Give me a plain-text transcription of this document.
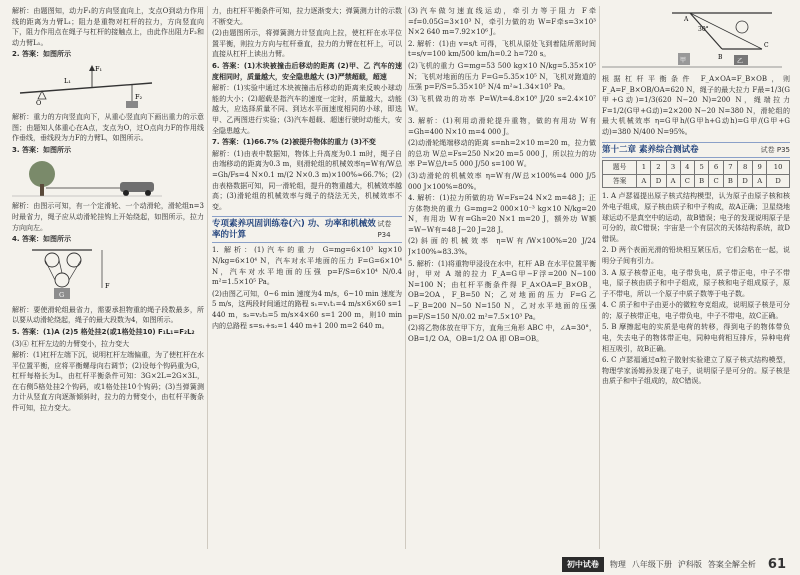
解析：由题图知，动力F₁的方向竖直向上，支点O到动力作用线的距离为力臂L₁；阻力是重物对杠杆的拉力，方向竖直向下，阻力作用点在绳子与杠杆的接触点上，由此作出阻力F₂和动力臂L₁。

2. 答案：如图所示

O
F₁
L₁
F₂

解析：重力的方向竖直向下，从重心竖直向下画出重力的示意图；由题知人体重心在A点，支点为O，过O点向力F的作用线作垂线，垂线段为力F的力臂L，如图所示。

3. 答案：如图所示

解析：由图示可知，有一个定滑轮、一个动滑轮，滑轮组n=3时最省力，绳子应从动滑轮挂钩上开始绕起，如图所示，拉力方向向左。

4. 答案：如图所示

G
F

解析：要使滑轮组最省力，需要承担物重的绳子段数最多，所以要从动滑轮绕起，绳子的最大段数为4，如图所示。

5. 答案：(1)A (2)5 格处挂2(或1格处挂10) F₁L₁=F₂L₂

(3)④ 杠杆左边的力臂变小，拉力变大

解析：(1)杠杆左端下沉，说明杠杆左端偏重，为了使杠杆在水平位置平衡，应将平衡螺母向右调节；(2)设每个钩码重为G，杠杆每格长为L，由杠杆平衡条件可知：3G×2L=2G×3L，在右侧5格处挂2个钩码，或1格处挂10个钩码；(3)当弹簧测力计从竖直方向逐渐倾斜时，拉力的力臂变小，由杠杆平衡条件可知，拉力变大。

力，由杠杆平衡条件可知，拉力逐渐变大；弹簧测力计的示数不断变大。

(2)由题图所示，将弹簧测力计竖直向上拉，使杠杆在水平位置平衡，则拉力方向与杠杆垂直，拉力的力臂在杠杆上，可以直接从杠杆上读出力臂。

6. 答案：(1)木块被撞击后移动的距离 (2)甲、乙 汽车的速度相同时，质量越大，安全隐患越大 (3)严禁超载，超速

解析：(1)实验中通过木块被撞击后移动的距离来反映小球动能的大小；(2)超载是指汽车的速度一定时，质量越大，动能越大，应选择质量不同、到达水平面速度相同的小球，即选甲、乙两图进行实验；(3)汽车超载、超速行驶时动能大，安全隐患越大。

7. 答案：(1)66.7% (2)被提升物体的重力 (3)不变

解析：(1)由表中数据知，物体上升高度为0.1 m时，绳子自由端移动的距离为0.3 m，则滑轮组的机械效率η=W有/W总=Gh/Fs=4 N×0.1 m/(2 N×0.3 m)×100%≈66.7%；(2)由表格数据可知，同一滑轮组，提升的物重越大，机械效率越高；(3)滑轮组的机械效率与绳子的绕法无关，机械效率不变。

专项素养巩固训练卷(六) 功、功率和机械效率的计算
试卷 P34

1. 解析：(1)汽车的重力 G=mg=6×10³ kg×10 N/kg=6×10⁴ N，汽车对水平地面的压力 F=G=6×10⁴ N，汽车对水平地面的压强 p=F/S=6×10⁴ N/0.4 m²=1.5×10⁵ Pa。

(2)由图乙可知，0~6 min 速度为4 m/s，6~10 min 速度为5 m/s，这两段时间通过的路程 s₁=v₁t₁=4 m/s×6×60 s=1 440 m，s₂=v₂t₂=5 m/s×4×60 s=1 200 m，则10 min内的总路程 s=s₁+s₂=1 440 m+1 200 m=2 640 m。

(3)汽车做匀速直线运动，牵引力等于阻力 F牵=f=0.05G=3×10³ N，牵引力做的功 W=F牵s=3×10³ N×2 640 m=7.92×10⁶ J。

2. 解析：(1)由 v=s/t 可得，飞机从原处飞到着陆所需时间 t=s/v=100 km/500 km/h=0.2 h=720 s。

(2)飞机的重力 G=mg=53 500 kg×10 N/kg=5.35×10⁵ N；飞机对地面的压力 F=G=5.35×10⁵ N，飞机对跑道的压强 p=F/S=5.35×10⁵ N/4 m²≈1.34×10⁵ Pa。

(3)飞机做功的功率 P=W/t=4.8×10⁸ J/20 s=2.4×10⁷ W。

3. 解析：(1)利用动滑轮提升重物，做的有用功 W有=Gh=400 N×10 m=4 000 J。

(2)动滑轮绳端移动的距离 s=nh=2×10 m=20 m，拉力做的总功 W总=Fs=250 N×20 m=5 000 J，所以拉力的功率 P=W总/t=5 000 J/50 s=100 W。

(3)动滑轮的机械效率 η=W有/W总×100%=4 000 J/5 000 J×100%=80%。

4. 解析：(1)拉力所做的功 W=Fs=24 N×2 m=48 J；正方体物块的重力 G=mg=2 000×10⁻³ kg×10 N/kg=20 N，有用功 W有=Gh=20 N×1 m=20 J，额外功 W额=W−W有=48 J−20 J=28 J。

(2)斜面的机械效率 η=W有/W×100%=20 J/24 J×100%≈83.3%。

5. 解析：(1)将重物甲浸没在水中，杠杆 AB 在水平位置平衡时，甲对 A 端的拉力 F_A=G甲−F浮=200 N−100 N=100 N；由杠杆平衡条件得 F_A×OA=F_B×OB，OB=2OA，F_B=50 N；乙对地面的压力 F=G乙−F_B=200 N−50 N=150 N，乙对水平地面的压强 p=F/S=150 N/0.02 m²=7.5×10³ Pa。

(2)将乙物体放在甲下方，直角三角形 ABC 中，∠A=30°，OB=1/2 OA，OB=1/2 OA 即 OB=OB。

A
B
C
30°
甲	乙

根据杠杆平衡条件 F_A×OA=F_B×OB，则 F_A=F_B×OB/OA=620 N，绳子的最大拉力 F最=1/3(G甲+G动)=1/3(620 N−20 N)=200 N，绳端拉力 F=1/2(G甲+G动)=2×200 N−20 N=380 N，滑轮组的最大机械效率 η=G甲h/(G甲h+G动h)=G甲/(G甲+G动)=380 N/400 N=95%。

第十二章 素养综合测试卷	试卷 P35
题号	1	2	3	4	5	6	7	8	9	10
答案	A	D	A	C	B	C	B	D	A	D

1. A 卢瑟福提出原子核式结构模型，认为原子由原子核和核外电子组成，原子核由质子和中子构成，故A正确；卫星绕地球运动不是真空中的运动，故B错误；电子的发现说明原子是可分的，故C错误；宇宙是一个有层次的天体结构系统，故D错误。

2. D 两个表面光滑的铅块相互紧压后，它们会粘在一起，说明分子间有引力。

3. A 原子核带正电，电子带负电，质子带正电，中子不带电，原子核由质子和中子组成，原子核和电子组成原子，原子不带电，所以一个原子中质子数等于电子数。

4. C 质子和中子由更小的微粒夸克组成，说明原子核是可分的；原子核带正电，电子带负电，中子不带电，故C正确。

5. B 摩擦起电的实质是电荷的转移，得到电子的物体带负电，失去电子的物体带正电，同种电荷相互排斥，异种电荷相互吸引，故B正确。

6. C 卢瑟福通过α粒子散射实验建立了原子核式结构模型，物理学家汤姆孙发现了电子，说明原子是可分的。原子核是由质子和中子组成的，故C错误。

初中试卷	物理 八年级下册 沪科版 答案全解全析 61
